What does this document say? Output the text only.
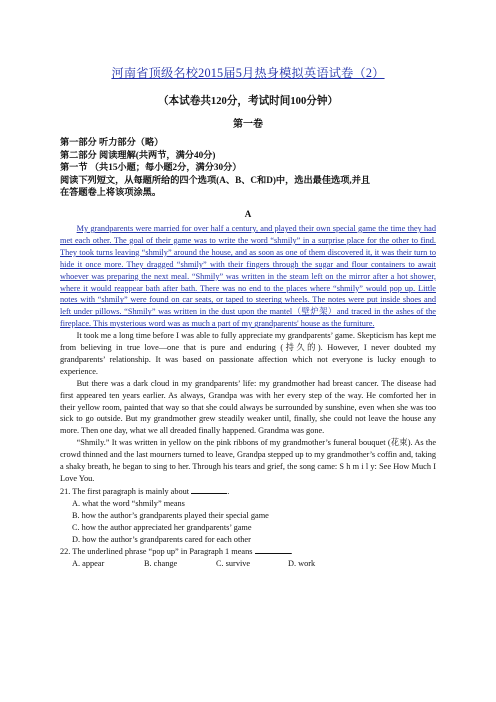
河南省顶级名校2015届5月热身模拟英语试卷（2）

（本试卷共120分，考试时间100分钟）

第一卷

第一部分 听力部分（略）

第二部分 阅读理解(共两节，满分40分)

第一节 （共15小题；每小题2分，满分30分）

阅读下列短文，从每题所给的四个选项(A、B、C和D)中，选出最佳选项,并且

在答题卷上将该项涂黑。

A

My grandparents were married for over half a century, and played their own special game the time they had met each other. The goal of their game was to write the word “shmily” in a surprise place for the other to find. They took turns leaving “shmily” around the house, and as soon as one of them discovered it, it was their turn to hide it once more. They dragged “shmily” with their fingers through the sugar and flour containers to await whoever was preparing the next meal. “Shmily” was written in the steam left on the mirror after a hot shower, where it would reappear bath after bath. There was no end to the places where “shmily” would pop up. Little notes with “shmily” were found on car seats, or taped to steering wheels. The notes were put inside shoes and left under pillows. “Shmily” was written in the dust upon the mantel（壁炉架）and traced in the ashes of the fireplace. This mysterious word was as much a part of my grandparents' house as the furniture.

It took me a long time before I was able to fully appreciate my grandparents’ game. Skepticism has kept me from believing in true love—one that is pure and enduring (持久的). However, I never doubted my grandparents’ relationship. It was based on passionate affection which not everyone is lucky enough to experience.

But there was a dark cloud in my grandparents’ life: my grandmother had breast cancer. The disease had first appeared ten years earlier. As always, Grandpa was with her every step of the way. He comforted her in their yellow room, painted that way so that she could always be surrounded by sunshine, even when she was too sick to go outside. But my grandmother grew steadily weaker until, finally, she could not leave the house any more. Then one day, what we all dreaded finally happened. Grandma was gone.

“Shmily.” It was written in yellow on the pink ribbons of my grandmother’s funeral bouquet (花束). As the crowd thinned and the last mourners turned to leave, Grandpa stepped up to my grandmother’s coffin and, taking a shaky breath, he began to sing to her. Through his tears and grief, the song came: S h m i l y: See How Much I Love You.

21. The first paragraph is mainly about	.

A. what the word “shmily” means

B. how the author’s grandparents played their special game

C. how the author appreciated her grandparents’ game

D. how the author’s grandparents cared for each other

22. The underlined phrase “pop up” in Paragraph 1 means	.

A. appear	B. change	C. survive	D. work
